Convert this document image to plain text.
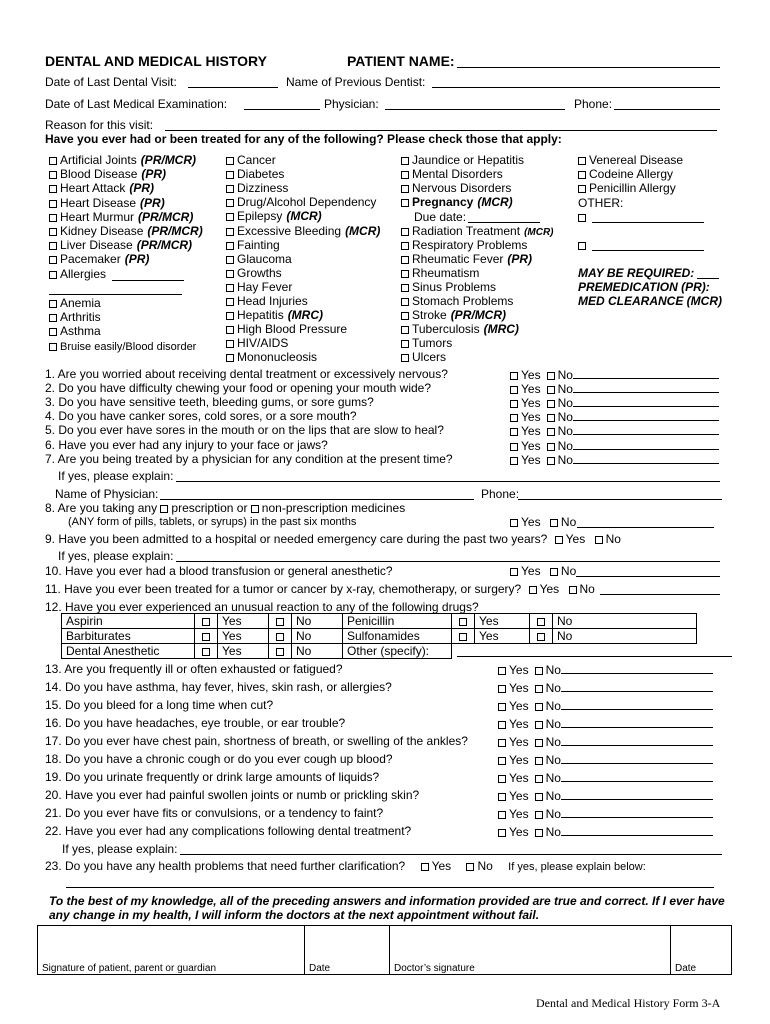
DENTAL AND MEDICAL HISTORY	PATIENT NAME:
Date of Last Dental Visit:	Name of Previous Dentist:
Date of Last Medical Examination:	Physician:	Phone:
Reason for this visit:
Have you ever had or been treated for any of the following? Please check those that apply:
Artificial Joints (PR/MCR)
Blood Disease (PR)
Heart Attack (PR)
Heart Disease (PR)
Heart Murmur (PR/MCR)
Kidney Disease (PR/MCR)
Liver Disease (PR/MCR)
Pacemaker (PR)
Allergies
Anemia
Arthritis
Asthma
Bruise easily/Blood disorder
Cancer
Diabetes
Dizziness
Drug/Alcohol Dependency
Epilepsy (MCR)
Excessive Bleeding (MCR)
Fainting
Glaucoma
Growths
Hay Fever
Head Injuries
Hepatitis (MRC)
High Blood Pressure
HIV/AIDS
Mononucleosis
Jaundice or Hepatitis
Mental Disorders
Nervous Disorders
Pregnancy (MCR)
Radiation Treatment (MCR)
Respiratory Problems
Rheumatic Fever (PR)
Rheumatism
Sinus Problems
Stomach Problems
Stroke (PR/MCR)
Tuberculosis (MRC)
Tumors
Ulcers
Due date:
Venereal Disease
Codeine Allergy
Penicillin Allergy
OTHER:
MAY BE REQUIRED:
PREMEDICATION (PR):
MED CLEARANCE (MCR)
1. Are you worried about receiving dental treatment or excessively nervous?	Yes No
2. Do you have difficulty chewing your food or opening your mouth wide?	Yes No
3. Do you have sensitive teeth, bleeding gums, or sore gums?	Yes No
4. Do you have canker sores, cold sores, or a sore mouth?	Yes No
5. Do you ever have sores in the mouth or on the lips that are slow to heal?	Yes No
6. Have you ever had any injury to your face or jaws?	Yes No
7. Are you being treated by a physician for any condition at the present time?	Yes No
If yes, please explain:
Name of Physician:	Phone:
8. Are you taking any prescription or non-prescription medicines
(ANY form of pills, tablets, or syrups) in the past six months	Yes No
9. Have you been admitted to a hospital or needed emergency care during the past two years? Yes No
If yes, please explain:
10. Have you ever had a blood transfusion or general anesthetic?	Yes No
11. Have you ever been treated for a tumor or cancer by x-ray, chemotherapy, or surgery? Yes No
12. Have you ever experienced an unusual reaction to any of the following drugs?
Aspirin		Yes		No	Penicillin		Yes		No
Barbiturates		Yes		No	Sulfonamides		Yes		No
Dental Anesthetic		Yes		No	Other (specify):				
13. Are you frequently ill or often exhausted or fatigued?	Yes No
14. Do you have asthma, hay fever, hives, skin rash, or allergies?	Yes No
15. Do you bleed for a long time when cut?	Yes No
16. Do you have headaches, eye trouble, or ear trouble?	Yes No
17. Do you ever have chest pain, shortness of breath, or swelling of the ankles?	Yes No
18. Do you have a chronic cough or do you ever cough up blood?	Yes No
19. Do you urinate frequently or drink large amounts of liquids?	Yes No
20. Have you ever had painful swollen joints or numb or prickling skin?	Yes No
21. Do you ever have fits or convulsions, or a tendency to faint?	Yes No
22. Have you ever had any complications following dental treatment?	Yes No
If yes, please explain:
23. Do you have any health problems that need further clarification? Yes No If yes, please explain below:
To the best of my knowledge, all of the preceding answers and information provided are true and correct. If I ever have any change in my health, I will inform the doctors at the next appointment without fail.
Signature of patient, parent or guardian	Date	Doctor’s signature	Date
Dental and Medical History Form 3-A
